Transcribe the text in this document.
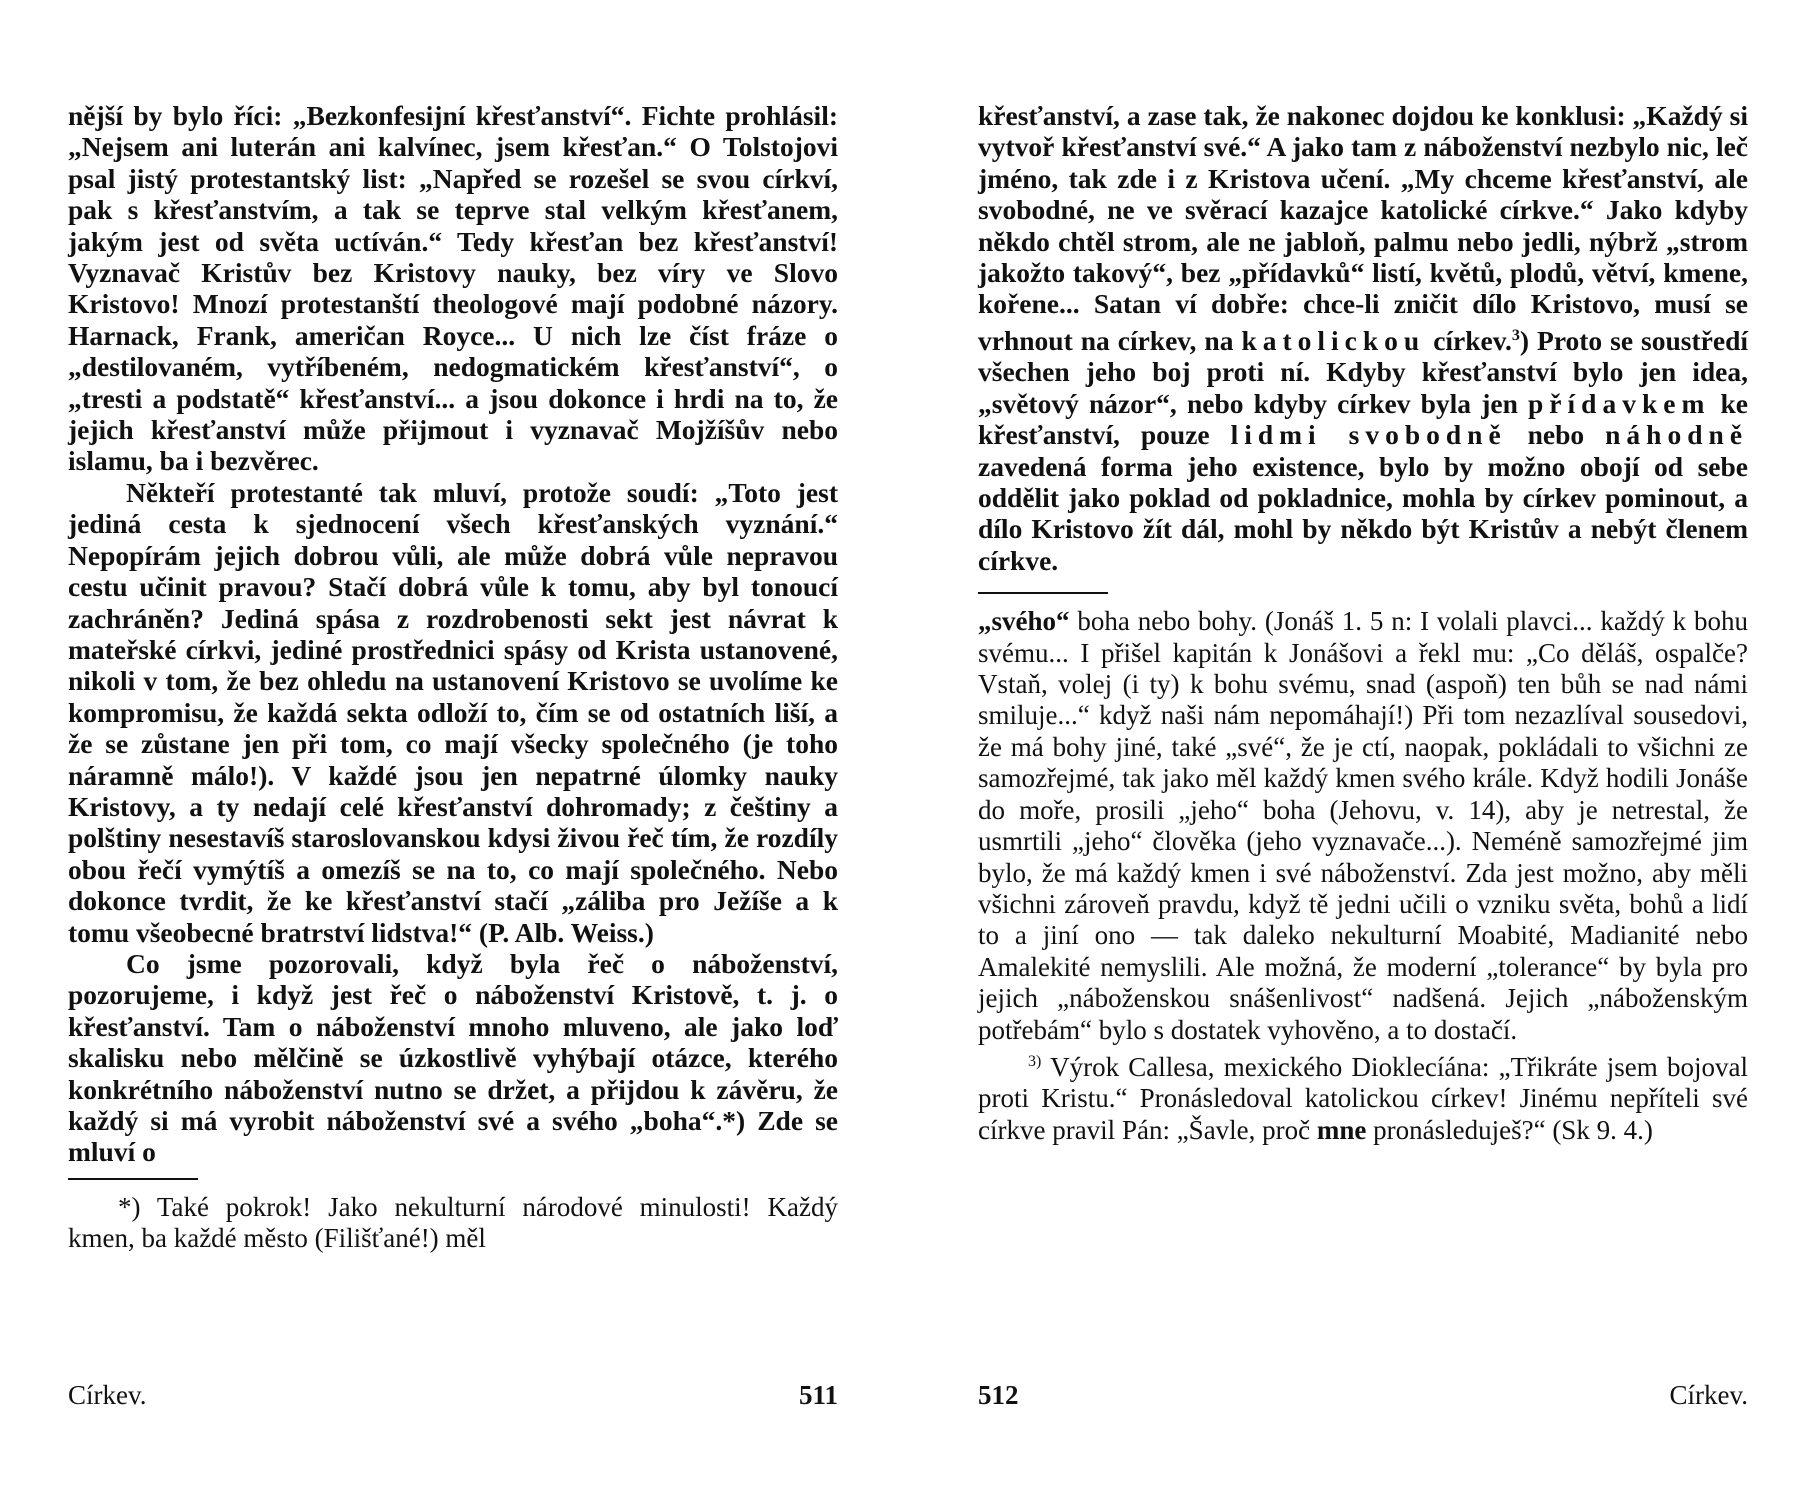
nější by bylo říci: „Bezkonfesijní křesťanství“. Fichte prohlásil: „Nejsem ani luterán ani kalvínec, jsem křesťan.“ O Tolstojovi psal jistý protestantský list: „Napřed se rozešel se svou církví, pak s křesťanstvím, a tak se teprve stal velkým křesťanem, jakým jest od světa uctíván.“ Tedy křesťan bez křesťanství! Vyznavač Kristův bez Kristovy nauky, bez víry ve Slovo Kristovo! Mnozí protestanští theologové mají podobné názory. Harnack, Frank, američan Royce... U nich lze číst fráze o „destilovaném, vytříbeném, nedogmatickém křesťanství“, o „tresti a podstatě“ křesťanství... a jsou dokonce i hrdi na to, že jejich křesťanství může přijmout i vyznavač Mojžíšův nebo islamu, ba i bezvěrec.

Někteří protestanté tak mluví, protože soudí: „Toto jest jediná cesta k sjednocení všech křesťanských vyznání.“ Nepopírám jejich dobrou vůli, ale může dobrá vůle nepravou cestu učinit pravou? Stačí dobrá vůle k tomu, aby byl tonoucí zachráněn? Jediná spása z rozdrobenosti sekt jest návrat k mateřské církvi, jediné prostřednici spásy od Krista ustanovené, nikoli v tom, že bez ohledu na ustanovení Kristovo se uvolíme ke kompromisu, že každá sekta odloží to, čím se od ostatních liší, a že se zůstane jen při tom, co mají všecky společného (je toho náramně málo!). V každé jsou jen nepatrné úlomky nauky Kristovy, a ty nedají celé křesťanství dohromady; z češtiny a polštiny nesestavíš staroslovanskou kdysi živou řeč tím, že rozdíly obou řečí vymýtíš a omezíš se na to, co mají společného. Nebo dokonce tvrdit, že ke křesťanství stačí „záliba pro Ježíše a k tomu všeobecné bratrství lidstva!“ (P. Alb. Weiss.)

Co jsme pozorovali, když byla řeč o náboženství, pozorujeme, i když jest řeč o náboženství Kristově, t. j. o křesťanství. Tam o náboženství mnoho mluveno, ale jako loď skalisku nebo mělčině se úzkostlivě vyhýbají otázce, kterého konkrétního náboženství nutno se držet, a přijdou k závěru, že každý si má vyrobit náboženství své a svého „boha“.*) Zde se mluví o

*) Také pokrok! Jako nekulturní národové minulosti! Každý kmen, ba každé město (Filišťané!) měl

Církev.	511

křesťanství, a zase tak, že nakonec dojdou ke konklusi: „Každý si vytvoř křesťanství své.“ A jako tam z náboženství nezbylo nic, leč jméno, tak zde i z Kristova učení. „My chceme křesťanství, ale svobodné, ne ve svěrací kazajce katolické církve.“ Jako kdyby někdo chtěl strom, ale ne jabloň, palmu nebo jedli, nýbrž „strom jakožto takový“, bez „přídavků“ listí, květů, plodů, větví, kmene, kořene... Satan ví dobře: chce-li zničit dílo Kristovo, musí se vrhnout na církev, na katolickou církev.$^3$) Proto se soustředí všechen jeho boj proti ní. Kdyby křesťanství bylo jen idea, „světový názor“, nebo kdyby církev byla jen přídavkem ke křesťanství, pouze lidmi svobodně nebo náhodně zavedená forma jeho existence, bylo by možno obojí od sebe oddělit jako poklad od pokladnice, mohla by církev pominout, a dílo Kristovo žít dál, mohl by někdo být Kristův a nebýt členem církve.

„svého“ boha nebo bohy. (Jonáš 1. 5 n: I volali plavci... každý k bohu svému... I přišel kapitán k Jonášovi a řekl mu: „Co děláš, ospalče? Vstaň, volej (i ty) k bohu svému, snad (aspoň) ten bůh se nad námi smiluje...“ když naši nám nepomáhají!) Při tom nezazlíval sousedovi, že má bohy jiné, také „své“, že je ctí, naopak, pokládali to všichni ze samozřejmé, tak jako měl každý kmen svého krále. Když hodili Jonáše do moře, prosili „jeho“ boha (Jehovu, v. 14), aby je netrestal, že usmrtili „jeho“ člověka (jeho vyznavače...). Neméně samozřejmé jim bylo, že má každý kmen i své náboženství. Zda jest možno, aby měli všichni zároveň pravdu, když tě jedni učili o vzniku světa, bohů a lidí to a jiní ono — tak daleko nekulturní Moabité, Madianité nebo Amalekité nemyslili. Ale možná, že moderní „tolerance“ by byla pro jejich „náboženskou snášenlivost“ nadšená. Jejich „náboženským potřebám“ bylo s dostatek vyhověno, a to dostačí.

$^{3)}$ Výrok Callesa, mexického Dioklecíána: „Třikráte jsem bojoval proti Kristu.“ Pronásledoval katolickou církev! Jinému nepříteli své církve pravil Pán: „Šavle, proč mne pronásleduješ?“ (Sk 9. 4.)

512	Církev.
